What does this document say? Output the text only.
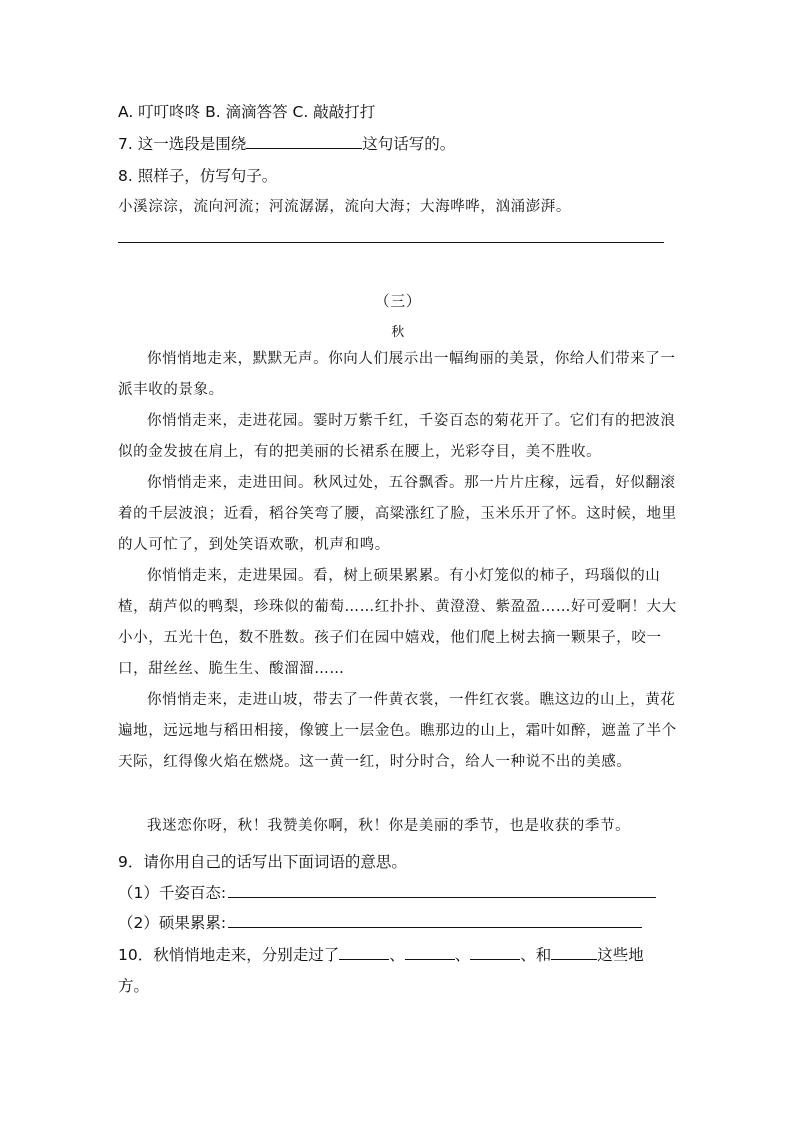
A. 叮叮咚咚 B. 滴滴答答 C. 敲敲打打
7. 这一选段是围绕	这句话写的。
8. 照样子，仿写句子。
小溪淙淙，流向河流；河流潺潺，流向大海；大海哗哗，汹涌澎湃。
（三）
秋

你悄悄地走来，默默无声。你向人们展示出一幅绚丽的美景，你给人们带来了一派丰收的景象。

你悄悄走来，走进花园。霎时万紫千红，千姿百态的菊花开了。它们有的把波浪似的金发披在肩上，有的把美丽的长裙系在腰上，光彩夺目，美不胜收。

你悄悄走来，走进田间。秋风过处，五谷飘香。那一片片庄稼，远看，好似翻滚着的千层波浪；近看，稻谷笑弯了腰，高粱涨红了脸，玉米乐开了怀。这时候，地里的人可忙了，到处笑语欢歌，机声和鸣。

你悄悄走来，走进果园。看，树上硕果累累。有小灯笼似的柿子，玛瑙似的山楂，葫芦似的鸭梨，珍珠似的葡萄……红扑扑、黄澄澄、紫盈盈……好可爱啊！大大小小，五光十色，数不胜数。孩子们在园中嬉戏，他们爬上树去摘一颗果子，咬一口，甜丝丝、脆生生、酸溜溜……

你悄悄走来，走进山坡，带去了一件黄衣裳，一件红衣裳。瞧这边的山上，黄花遍地，远远地与稻田相接，像镀上一层金色。瞧那边的山上，霜叶如醉，遮盖了半个天际，红得像火焰在燃烧。这一黄一红，时分时合，给人一种说不出的美感。

我迷恋你呀，秋！我赞美你啊，秋！你是美丽的季节，也是收获的季节。

9．请你用自己的话写出下面词语的意思。
（1）千姿百态:
（2）硕果累累:
10．秋悄悄地走来，分别走过了	、	、	、和	这些地
方。
